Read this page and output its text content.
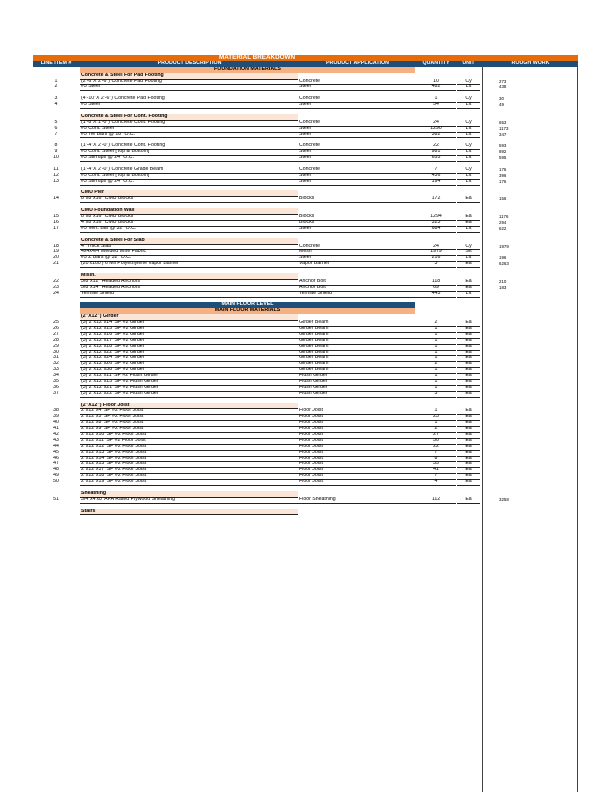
MATERIAL BREAKDOWN
LINE ITEM #	PRODUCT DESCRIPTION	PRODUCT APPLICATION	QUANTITY	UNIT	ROUGH WORK
FOUNDATION MATERIALS
Concrete & Steel For Pad Footing
1	(2'-6"X 2'-6") Concrete Pad Footing	Concrete	10	Cy	273
2	#5 Steel	Steel	482	Lft	438
3	(4'-10"X 2'-6") Concrete Pad Footing	Concrete	1	Cy	30
4	#5 Steel	Steel	54	Lft	49
Concrete & Steel For Cont. Footing
5	(1'-8"X 1'-0") Concrete Cont. Footing	Concrete	24	Cy	653
6	#5 Cont. Steel	Steel	1290	Lft	1173
7	#5 Tie Bars @ 18" O.C.	Steel	382	Lft	347
8	(1'-4"X 2'-0") Concrete Cont. Footing	Concrete	22	Cy	593
9	#5 Cont. Steel [Top & Bottom]	Steel	981	Lft	892
10	#3 Stirrups @ 24" O.C.	Steel	655	Lft	595
11	(1'-4"X 2'-0") Concrete Grade Beam	Concrete	7	Cy	176
12	#5 Cont. Steel [Top & Bottom]	Steel	436	Lft	396
13	#3 Stirrups @ 24" O.C.	Steel	194	Lft	176
CMU Pier
14	8"x8"x16" CMU Blocks	Blocks	172	Ea	156
CMU Foundation Wall
15	8"x8"x16" CMU Blocks	Blocks	1294	Ea	1176
16	4"x8"x16" CMU Blocks	Blocks	323	Ea	294
17	#5 Vert. Bar @ 32" O.C.	Steel	684	Lft	622
Concrete & Steel For Slab
18	4" Thick Slab	Concrete	24	Cy	1979
19	4x4x4/4 Welded Wire Fabric	Mesh	1979	Sft
20	#3 Z Bars @ 32 "O.C.	Steel	216	Lft	196
21	(20'x100') 6 Mil Polyethylene Vapor Barrier	Vapor Barrier	3	Ea	6263
Misln.
22	5/8"x12" Headed Anchors	Anchor Bolt	118	Ea	210
23	5/8"x14" Headed Anchors	Anchor Bolt	69	Ea	183
24	Termite Shield	Termite Shield	445	Lft
MAIN FLOOR LEVEL
MAIN FLOOR MATERIALS
(2"X12") Girder
25	(3) 2"x12"x14' SP #2 Girder	Girder Beam	2	Ea
26	(3) 2"x12"x15' SP #2 Girder	Girder Beam	1	Ea
27	(3) 2"x12"x16' SP #2 Girder	Girder Beam	1	Ea
28	(3) 2"x12"x17' SP #2 Girder	Girder Beam	1	Ea
29	(3) 2"x12"x18' SP #2 Girder	Girder Beam	1	Ea
30	(3) 2"x12"x22' SP #2 Girder	Girder Beam	1	Ea
31	(3) 2"x12"x24' SP #2 Girder	Girder Beam	1	Ea
32	(3) 2"x12"x26' SP #2 Girder	Girder Beam	2	Ea
33	(3) 2"x12"x38' SP #2 Girder	Girder Beam	1	Ea
34	(3) 2"x12"x11' SP #2 Flush Girder	Flush Girder	1	Ea
35	(3) 2"x12"x13' SP #2 Flush Girder	Flush Girder	1	Ea
36	(3) 2"x12"x21' SP #2 Flush Girder	Flush Girder	1	Ea
37	(3) 2"x12"x22' SP #2 Flush Girder	Flush Girder	3	Ea
(2"X12") Floor Joist
38	2"x12"x4' SP #2 Floor Joist	Floor Joist	1	Ea
39	2"x12"x5' SP #2 Floor Joist	Floor Joist	23	Ea
40	2"x12"x8' SP #2 Floor Joist	Floor Joist	1	Ea
41	2"x12"x9' SP #2 Floor Joist	Floor Joist	2	Ea
42	2"x12"x10' SP #2 Floor Joist	Floor Joist	27	Ea
43	2"x12"x11' SP #2 Floor Joist	Floor Joist	30	Ea
44	2"x12"x12' SP #2 Floor Joist	Floor Joist	22	Ea
45	2"x12"x13' SP #2 Floor Joist	Floor Joist	7	Ea
46	2"x12"x14' SP #2 Floor Joist	Floor Joist	8	Ea
47	2"x12"x15' SP #2 Floor Joist	Floor Joist	35	Ea
48	2"x12"x17' SP #2 Floor Joist	Floor Joist	41	Ea
49	2"x12"x18' SP #2 Floor Joist	Floor Joist	7	Ea
50	2"x12"x19' SP #2 Floor Joist	Floor Joist	4	Ea
Sheathing
51	3/4"x4'x8' APA Rated Plywood Sheathing	Floor Sheathing	112	Ea	3258
Stairs
